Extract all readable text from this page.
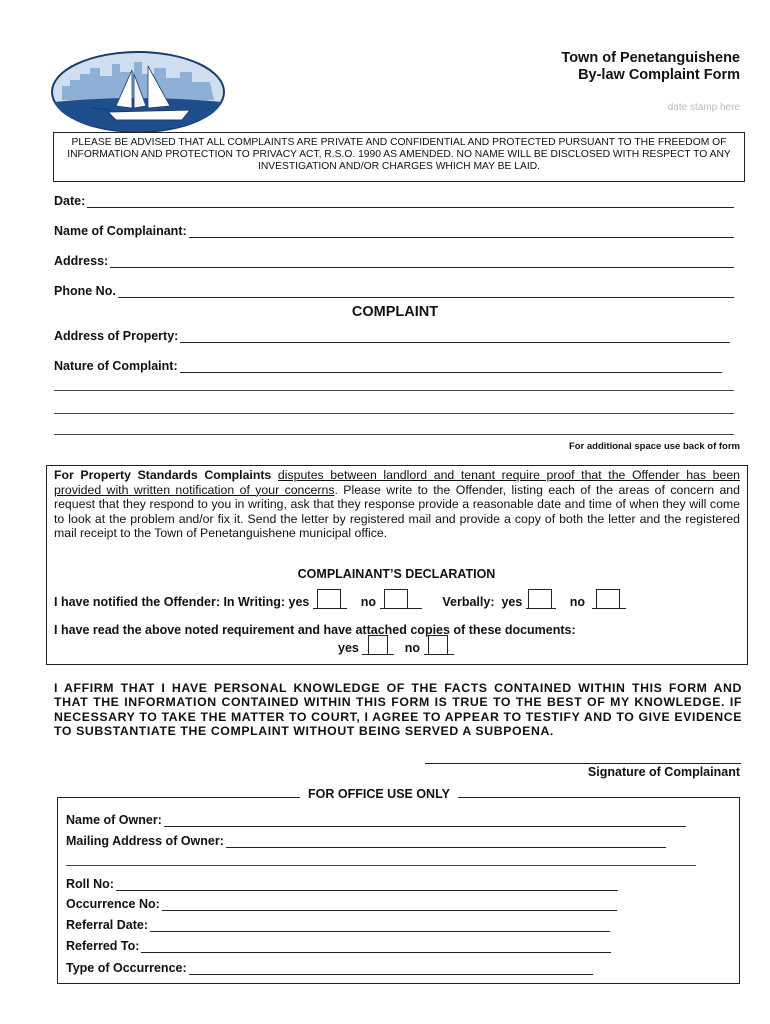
Town of Penetanguishene
By-law Complaint Form
date stamp here
PLEASE BE ADVISED THAT ALL COMPLAINTS ARE PRIVATE AND CONFIDENTIAL AND PROTECTED PURSUANT TO THE FREEDOM OF INFORMATION AND PROTECTION TO PRIVACY ACT, R.S.O. 1990 AS AMENDED. NO NAME WILL BE DISCLOSED WITH RESPECT TO ANY INVESTIGATION AND/OR CHARGES WHICH MAY BE LAID.
Date:
Name of Complainant:
Address:
Phone No.
COMPLAINT
Address of Property:
Nature of Complaint:
For additional space use back of form
For Property Standards Complaints disputes between landlord and tenant require proof that the Offender has been provided with written notification of your concerns. Please write to the Offender, listing each of the areas of concern and request that they respond to you in writing, ask that they response provide a reasonable date and time of when they will come to look at the problem and/or fix it. Send the letter by registered mail and provide a copy of both the letter and the registered mail receipt to the Town of Penetanguishene municipal office.
COMPLAINANT’S DECLARATION
I have notified the Offender: In Writing: yes	no	Verbally: yes	no
I have read the above noted requirement and have attached copies of these documents:
yes	no
I AFFIRM THAT I HAVE PERSONAL KNOWLEDGE OF THE FACTS CONTAINED WITHIN THIS FORM AND THAT THE INFORMATION CONTAINED WITHIN THIS FORM IS TRUE TO THE BEST OF MY KNOWLEDGE. IF NECESSARY TO TAKE THE MATTER TO COURT, I AGREE TO APPEAR TO TESTIFY AND TO GIVE EVIDENCE TO SUBSTANTIATE THE COMPLAINT WITHOUT BEING SERVED A SUBPOENA.
Signature of Complainant
FOR OFFICE USE ONLY
Name of Owner:
Mailing Address of Owner:
Roll No:
Occurrence No:
Referral Date:
Referred To:
Type of Occurrence:
